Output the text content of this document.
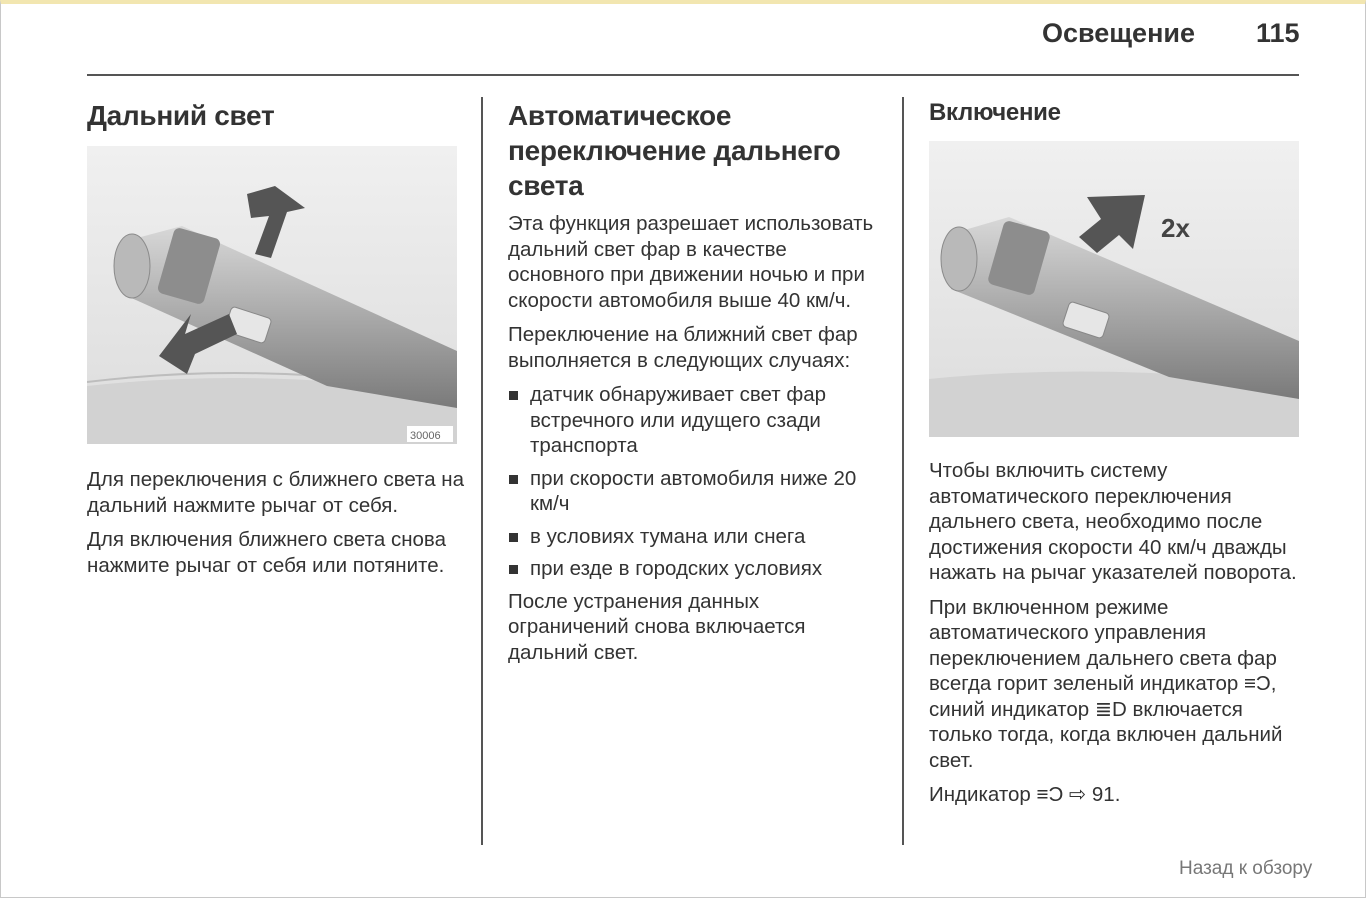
Освещение 115
Дальний свет
30006

Для переключения с ближнего света на дальний нажмите рычаг от себя.

Для включения ближнего света снова нажмите рычаг от себя или потяните.

Автоматическое
переключение дальнего
света

Эта функция разрешает использовать дальний свет фар в качестве основного при движении ночью и при скорости автомобиля выше 40 км/ч.

Переключение на ближний свет фар выполняется в следующих случаях:

датчик обнаруживает свет фар встречного или идущего сзади транспорта
при скорости автомобиля ниже 20 км/ч
в условиях тумана или снега
при езде в городских условиях

После устранения данных ограничений снова включается дальний свет.

Включение
2x

Чтобы включить систему автоматического переключения дальнего света, необходимо после достижения скорости 40 км/ч дважды нажать на рычаг указателей поворота.

При включенном режиме автоматического управления переключением дальнего света фар всегда горит зеленый индикатор ≡Ͻ, синий индикатор ≣D включается только тогда, когда включен дальний свет.

Индикатор ≡Ͻ ⇨ 91.

Назад к обзору
